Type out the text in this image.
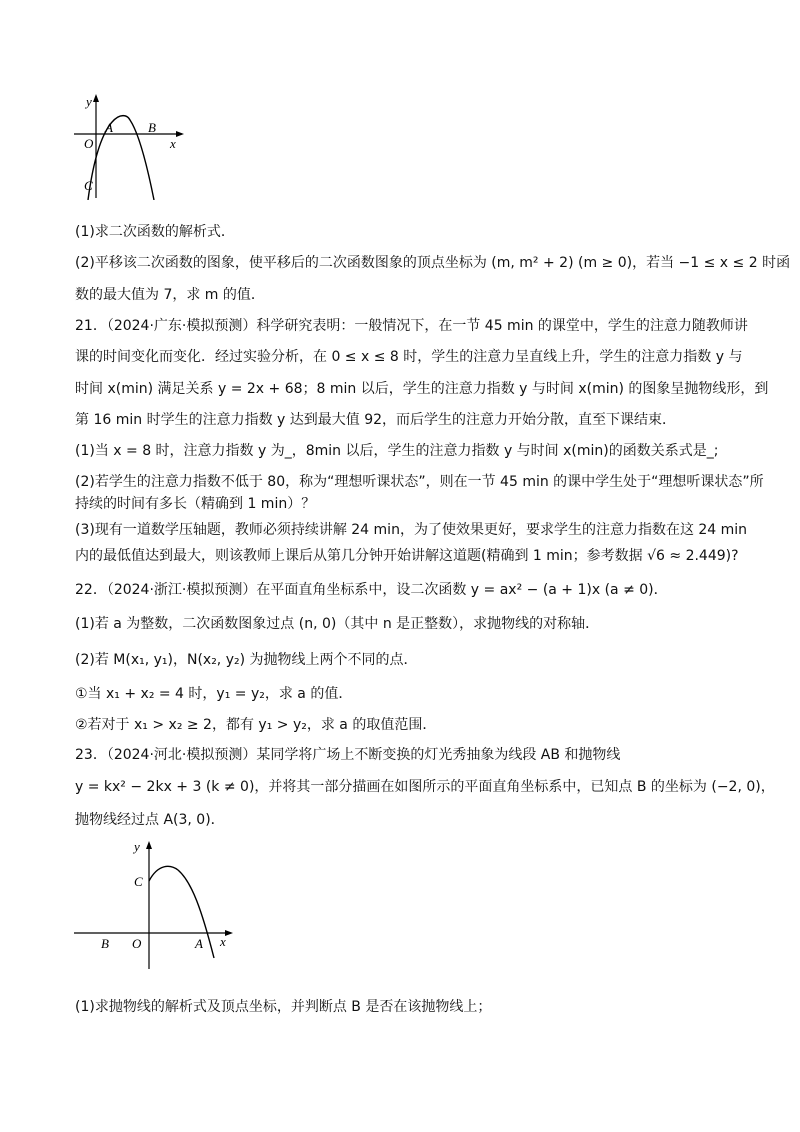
y
x
O
A	B
C
(1)求二次函数的解析式．
(2)平移该二次函数的图象，使平移后的二次函数图象的顶点坐标为 (m, m² + 2) (m ≥ 0)，若当 −1 ≤ x ≤ 2 时函
数的最大值为 7，求 m 的值．
21．（2024·广东·模拟预测）科学研究表明：一般情况下，在一节 45 min 的课堂中，学生的注意力随教师讲
课的时间变化而变化．经过实验分析，在 0 ≤ x ≤ 8 时，学生的注意力呈直线上升，学生的注意力指数 y 与
时间 x(min) 满足关系 y = 2x + 68；8 min 以后，学生的注意力指数 y 与时间 x(min) 的图象呈抛物线形，到
第 16 min 时学生的注意力指数 y 达到最大值 92，而后学生的注意力开始分散，直至下课结束．
(1)当 x = 8 时，注意力指数 y 为_，8min 以后，学生的注意力指数 y 与时间 x(min)的函数关系式是_;
(2)若学生的注意力指数不低于 80，称为“理想听课状态”，则在一节 45 min 的课中学生处于“理想听课状态”所
持续的时间有多长（精确到 1 min）？
(3)现有一道数学压轴题，教师必须持续讲解 24 min，为了使效果更好，要求学生的注意力指数在这 24 min
内的最低值达到最大，则该教师上课后从第几分钟开始讲解这道题(精确到 1 min；参考数据 √6 ≈ 2.449)?
22．（2024·浙江·模拟预测）在平面直角坐标系中，设二次函数 y = ax² − (a + 1)x (a ≠ 0)．
(1)若 a 为整数，二次函数图象过点 (n, 0)（其中 n 是正整数），求抛物线的对称轴．
(2)若 M(x₁, y₁)，N(x₂, y₂) 为抛物线上两个不同的点．
①当 x₁ + x₂ = 4 时，y₁ = y₂，求 a 的值．
②若对于 x₁ > x₂ ≥ 2，都有 y₁ > y₂，求 a 的取值范围．
23．（2024·河北·模拟预测）某同学将广场上不断变换的灯光秀抽象为线段 AB 和抛物线
y = kx² − 2kx + 3 (k ≠ 0)，并将其一部分描画在如图所示的平面直角坐标系中，已知点 B 的坐标为 (−2, 0)，
抛物线经过点 A(3, 0)．
y
x
O
B	A
C
(1)求抛物线的解析式及顶点坐标，并判断点 B 是否在该抛物线上；
